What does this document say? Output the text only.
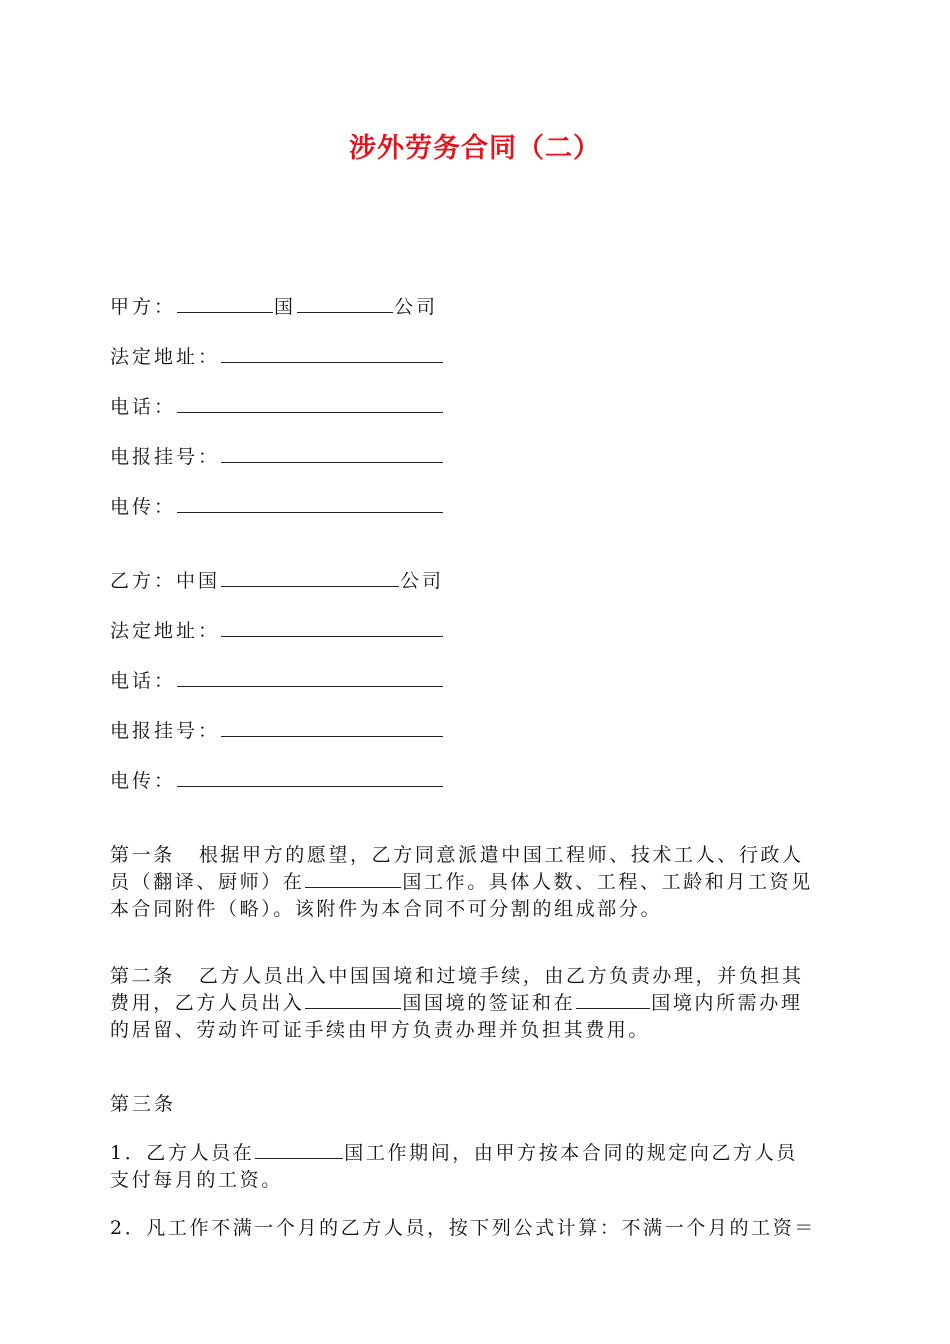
涉外劳务合同（二）
甲方：	国	公司
法定地址：
电话：
电报挂号：
电传：
乙方：中国	公司
法定地址：
电话：
电报挂号：
电传：
第一条 根据甲方的愿望，乙方同意派遣中国工程师、技术工人、行政人
员（翻译、厨师）在	国工作。具体人数、工程、工龄和月工资见
本合同附件（略）。该附件为本合同不可分割的组成部分。
第二条 乙方人员出入中国国境和过境手续，由乙方负责办理，并负担其
费用，乙方人员出入	国国境的签证和在	国境内所需办理
的居留、劳动许可证手续由甲方负责办理并负担其费用。
第三条
1．乙方人员在	国工作期间，由甲方按本合同的规定向乙方人员
支付每月的工资。
2．凡工作不满一个月的乙方人员，按下列公式计算：不满一个月的工资＝
